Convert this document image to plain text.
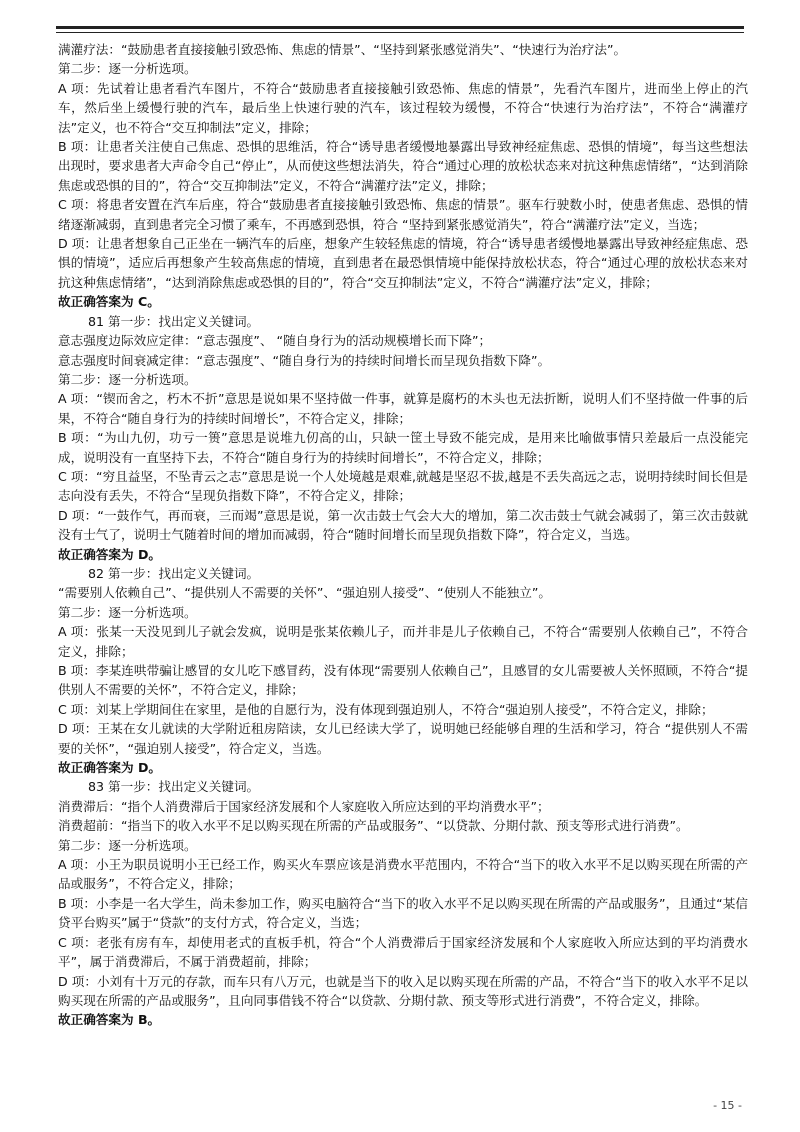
满灌疗法：“鼓励患者直接接触引致恐怖、焦虑的情景”、“坚持到紧张感觉消失”、“快速行为治疗法”。

第二步：逐一分析选项。

A 项：先试着让患者看汽车图片，不符合“鼓励患者直接接触引致恐怖、焦虑的情景”，先看汽车图片，进而坐上停止的汽车，然后坐上缓慢行驶的汽车，最后坐上快速行驶的汽车，该过程较为缓慢，不符合“快速行为治疗法”，不符合“满灌疗法”定义，也不符合“交互抑制法”定义，排除；

B 项：让患者关注使自己焦虑、恐惧的思维活，符合“诱导患者缓慢地暴露出导致神经症焦虑、恐惧的情境”，每当这些想法出现时，要求患者大声命令自己“停止”，从而使这些想法消失，符合“通过心理的放松状态来对抗这种焦虑情绪”，“达到消除焦虑或恐惧的目的”，符合“交互抑制法”定义，不符合“满灌疗法”定义，排除；

C 项：将患者安置在汽车后座，符合“鼓励患者直接接触引致恐怖、焦虑的情景”。驱车行驶数小时，使患者焦虑、恐惧的情绪逐渐减弱，直到患者完全习惯了乘车，不再感到恐惧，符合 “坚持到紧张感觉消失”，符合“满灌疗法”定义，当选；

D 项：让患者想象自己正坐在一辆汽车的后座，想象产生较轻焦虑的情境，符合“诱导患者缓慢地暴露出导致神经症焦虑、恐惧的情境”，适应后再想象产生较高焦虑的情境，直到患者在最恐惧情境中能保持放松状态，符合“通过心理的放松状态来对抗这种焦虑情绪”，“达到消除焦虑或恐惧的目的”，符合“交互抑制法”定义，不符合“满灌疗法”定义，排除；

故正确答案为 C。

81 第一步：找出定义关键词。

意志强度边际效应定律：“意志强度”、 “随自身行为的活动规模增长而下降”；

意志强度时间衰减定律：“意志强度”、“随自身行为的持续时间增长而呈现负指数下降”。

第二步：逐一分析选项。

A 项：“锲而舍之，朽木不折”意思是说如果不坚持做一件事，就算是腐朽的木头也无法折断，说明人们不坚持做一件事的后果，不符合“随自身行为的持续时间增长”，不符合定义，排除；

B 项：“为山九仞，功亏一篑”意思是说堆九仞高的山，只缺一筐土导致不能完成，是用来比喻做事情只差最后一点没能完成，说明没有一直坚持下去，不符合“随自身行为的持续时间增长”，不符合定义，排除；

C 项：“穷且益坚，不坠青云之志”意思是说一个人处境越是艰难,就越是坚忍不拔,越是不丢失高远之志，说明持续时间长但是志向没有丢失，不符合“呈现负指数下降”，不符合定义，排除；

D 项：“一鼓作气，再而衰，三而竭”意思是说，第一次击鼓士气会大大的增加，第二次击鼓士气就会减弱了，第三次击鼓就没有士气了，说明士气随着时间的增加而减弱，符合“随时间增长而呈现负指数下降”，符合定义，当选。

故正确答案为 D。

82 第一步：找出定义关键词。

“需要别人依赖自己”、“提供别人不需要的关怀”、“强迫别人接受”、“使别人不能独立”。

第二步：逐一分析选项。

A 项：张某一天没见到儿子就会发疯，说明是张某依赖儿子，而并非是儿子依赖自己，不符合“需要别人依赖自己”，不符合定义，排除；

B 项：李某连哄带骗让感冒的女儿吃下感冒药，没有体现“需要别人依赖自己”，且感冒的女儿需要被人关怀照顾，不符合“提供别人不需要的关怀”，不符合定义，排除；

C 项：刘某上学期间住在家里，是他的自愿行为，没有体现到强迫别人，不符合“强迫别人接受”，不符合定义，排除；

D 项：王某在女儿就读的大学附近租房陪读，女儿已经读大学了，说明她已经能够自理的生活和学习，符合 “提供别人不需要的关怀”，“强迫别人接受”，符合定义，当选。

故正确答案为 D。

83 第一步：找出定义关键词。

消费滞后：“指个人消费滞后于国家经济发展和个人家庭收入所应达到的平均消费水平”；

消费超前：“指当下的收入水平不足以购买现在所需的产品或服务”、“以贷款、分期付款、预支等形式进行消费”。

第二步：逐一分析选项。

A 项：小王为职员说明小王已经工作，购买火车票应该是消费水平范围内，不符合“当下的收入水平不足以购买现在所需的产品或服务”，不符合定义，排除；

B 项：小李是一名大学生，尚未参加工作，购买电脑符合“当下的收入水平不足以购买现在所需的产品或服务”，且通过“某信贷平台购买”属于“贷款”的支付方式，符合定义，当选；

C 项：老张有房有车，却使用老式的直板手机，符合“个人消费滞后于国家经济发展和个人家庭收入所应达到的平均消费水平”，属于消费滞后，不属于消费超前，排除；

D 项：小刘有十万元的存款，而车只有八万元，也就是当下的收入足以购买现在所需的产品，不符合“当下的收入水平不足以购买现在所需的产品或服务”，且向同事借钱不符合“以贷款、分期付款、预支等形式进行消费”，不符合定义，排除。

故正确答案为 B。

- 15 -
